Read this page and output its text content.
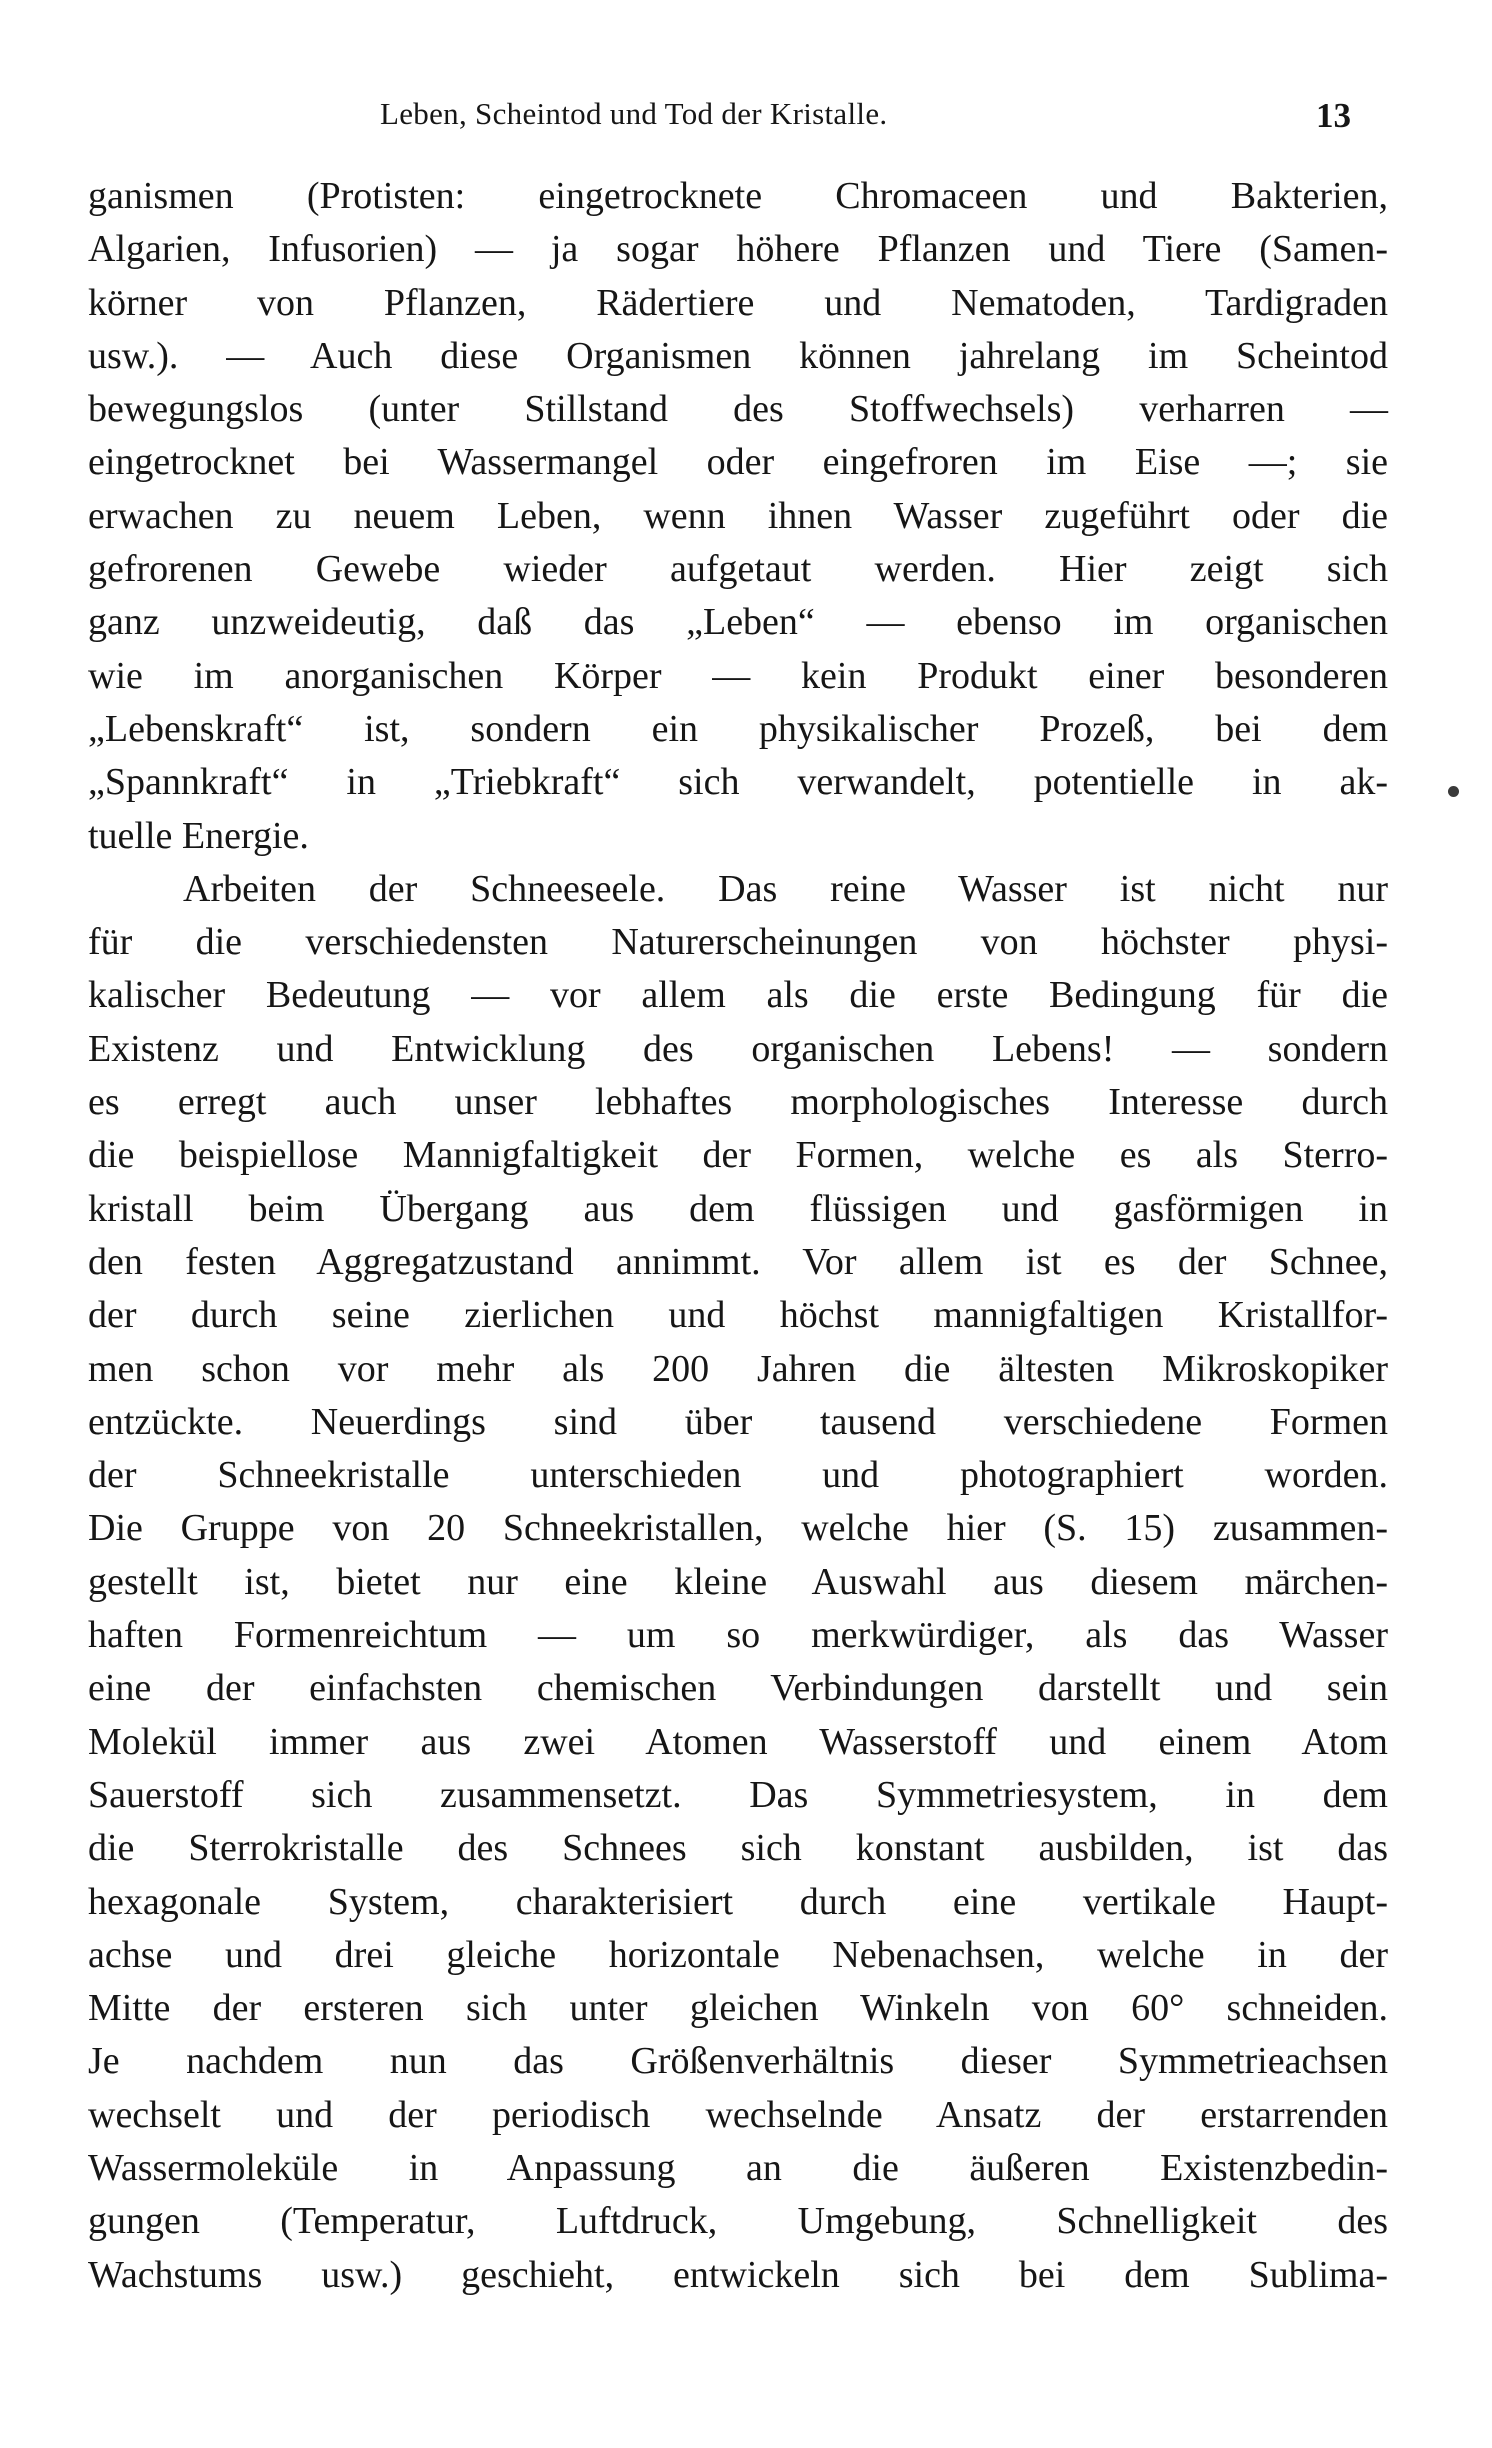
Leben, Scheintod und Tod der Kristalle.	13
ganismen (Protisten: eingetrocknete Chromaceen und Bakterien,
Algarien, Infusorien) — ja sogar höhere Pflanzen und Tiere (Samen-
körner von Pflanzen, Rädertiere und Nematoden, Tardigraden
usw.). — Auch diese Organismen können jahrelang im Scheintod
bewegungslos (unter Stillstand des Stoffwechsels) verharren —
eingetrocknet bei Wassermangel oder eingefroren im Eise —; sie
erwachen zu neuem Leben, wenn ihnen Wasser zugeführt oder die
gefrorenen Gewebe wieder aufgetaut werden. Hier zeigt sich
ganz unzweideutig, daß das „Leben“ — ebenso im organischen
wie im anorganischen Körper — kein Produkt einer besonderen
„Lebenskraft“ ist, sondern ein physikalischer Prozeß, bei dem
„Spannkraft“ in „Triebkraft“ sich verwandelt, potentielle in ak-
tuelle Energie.
Arbeiten der Schneeseele. Das reine Wasser ist nicht nur
für die verschiedensten Naturerscheinungen von höchster physi-
kalischer Bedeutung — vor allem als die erste Bedingung für die
Existenz und Entwicklung des organischen Lebens! — sondern
es erregt auch unser lebhaftes morphologisches Interesse durch
die beispiellose Mannigfaltigkeit der Formen, welche es als Sterro-
kristall beim Übergang aus dem flüssigen und gasförmigen in
den festen Aggregatzustand annimmt. Vor allem ist es der Schnee,
der durch seine zierlichen und höchst mannigfaltigen Kristallfor-
men schon vor mehr als 200 Jahren die ältesten Mikroskopiker
entzückte. Neuerdings sind über tausend verschiedene Formen
der Schneekristalle unterschieden und photographiert worden.
Die Gruppe von 20 Schneekristallen, welche hier (S. 15) zusammen-
gestellt ist, bietet nur eine kleine Auswahl aus diesem märchen-
haften Formenreichtum — um so merkwürdiger, als das Wasser
eine der einfachsten chemischen Verbindungen darstellt und sein
Molekül immer aus zwei Atomen Wasserstoff und einem Atom
Sauerstoff sich zusammensetzt. Das Symmetriesystem, in dem
die Sterrokristalle des Schnees sich konstant ausbilden, ist das
hexagonale System, charakterisiert durch eine vertikale Haupt-
achse und drei gleiche horizontale Nebenachsen, welche in der
Mitte der ersteren sich unter gleichen Winkeln von 60° schneiden.
Je nachdem nun das Größenverhältnis dieser Symmetrieachsen
wechselt und der periodisch wechselnde Ansatz der erstarrenden
Wassermoleküle in Anpassung an die äußeren Existenzbedin-
gungen (Temperatur, Luftdruck, Umgebung, Schnelligkeit des
Wachstums usw.) geschieht, entwickeln sich bei dem Sublima-
